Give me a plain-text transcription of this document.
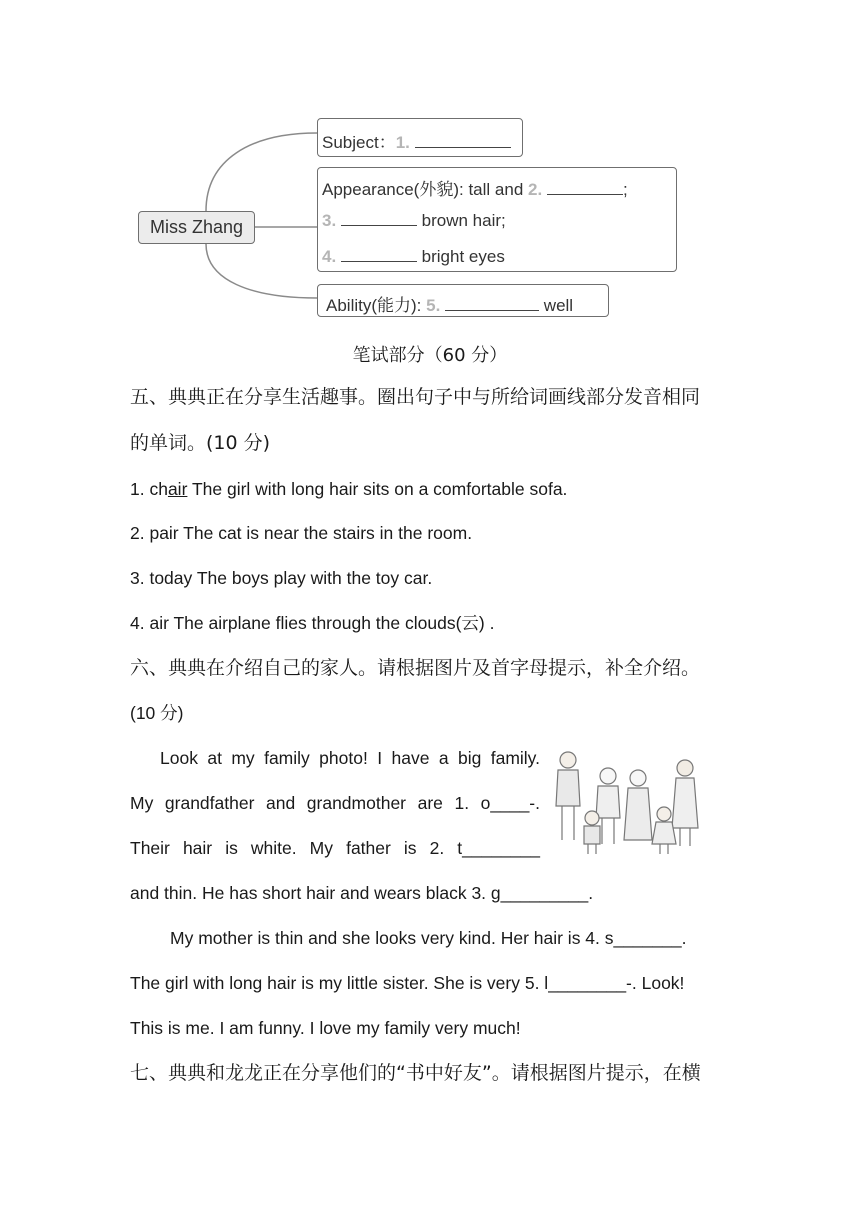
Miss Zhang
Subject：1.
Appearance(外貌): tall and 2.	;
3.	brown hair;
4.	bright eyes
Ability(能力): 5.	well
笔试部分（60 分）
五、典典正在分享生活趣事。圈出句子中与所给词画线部分发音相同
的单词。(10 分)
1. chair The girl with long hair sits on a comfortable sofa.
2. pair The cat is near the stairs in the room.
3. today The boys play with the toy car.
4. air The airplane flies through the clouds(云) .
六、典典在介绍自己的家人。请根据图片及首字母提示，补全介绍。
(10 分)
Look at my family photo! I have a big family.
My grandfather and grandmother are 1. o____-.
Their hair is white. My father is 2. t________
and thin. He has short hair and wears black 3. g_________.
My mother is thin and she looks very kind. Her hair is 4. s_______.
The girl with long hair is my little sister. She is very 5. l________-. Look!
This is me. I am funny. I love my family very much!
七、典典和龙龙正在分享他们的“书中好友”。请根据图片提示，在横
